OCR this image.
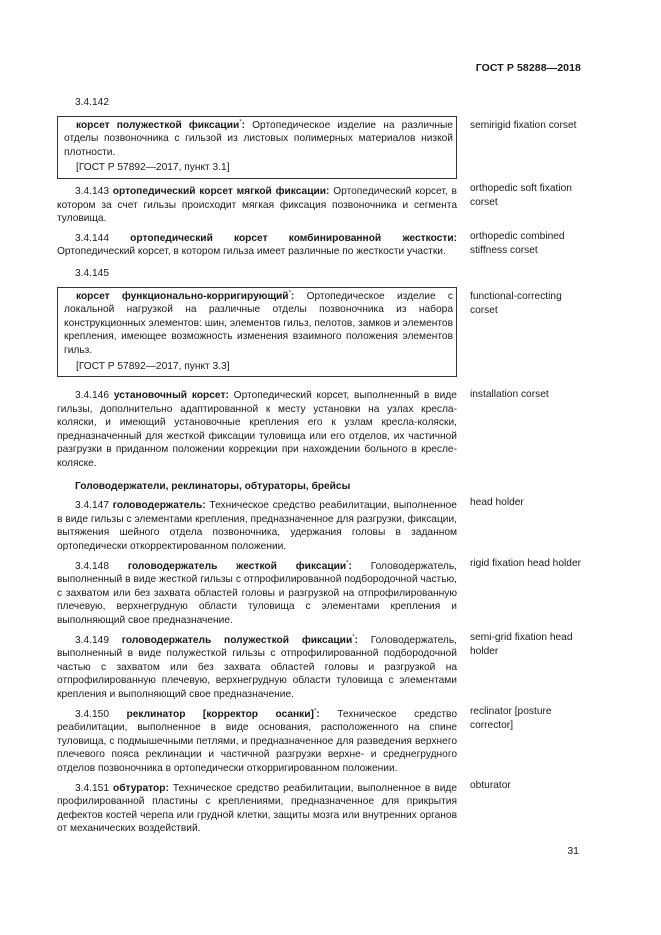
ГОСТ Р 58288—2018
3.4.142

корсет полужесткой фиксации*: Ортопедическое изделие на различные отделы позвоночника с гильзой из листовых полимерных материалов низкой плотности.

[ГОСТ Р 57892—2017, пункт 3.1]

3.4.143 ортопедический корсет мягкой фиксации: Ортопедический корсет, в котором за счет гильзы происходит мягкая фиксация позвоночника и сегмента туловища.

3.4.144 ортопедический корсет комбинированной жесткости: Ортопедический корсет, в котором гильза имеет различные по жесткости участки.

3.4.145

корсет функционально-корригирующий*: Ортопедическое изделие с локальной нагрузкой на различные отделы позвоночника из набора конструкционных элементов: шин, элементов гильз, пелотов, замков и элементов крепления, имеющее возможность изменения взаимного положения элементов гильз.

[ГОСТ Р 57892—2017, пункт 3.3]

3.4.146 установочный корсет: Ортопедический корсет, выполненный в виде гильзы, дополнительно адаптированной к месту установки на узлах кресла-коляски, и имеющий установочные крепления его к узлам кресла-коляски, предназначенный для жесткой фиксации туловища или его отделов, их частичной разгрузки в приданном положении коррекции при нахождении больного в кресле-коляске.

Головодержатели, реклинаторы, обтураторы, брейсы

3.4.147 головодержатель: Техническое средство реабилитации, выполненное в виде гильзы с элементами крепления, предназначенное для разгрузки, фиксации, вытяжения шейного отдела позвоночника, удержания головы в заданном ортопедически откорректированном положении.

3.4.148 головодержатель жесткой фиксации*: Головодержатель, выполненный в виде жесткой гильзы с отпрофилированной подбородочной частью, с захватом или без захвата областей головы и разгрузкой на отпрофилированную плечевую, верхнегрудную области туловища с элементами крепления и выполняющий свое предназначение.

3.4.149 головодержатель полужесткой фиксации*: Головодержатель, выполненный в виде полужесткой гильзы с отпрофилированной подбородочной частью с захватом или без захвата областей головы и разгрузкой на отпрофилированную плечевую, верхнегрудную области туловища с элементами крепления и выполняющий свое предназначение.

3.4.150 реклинатор [корректор осанки]*: Техническое средство реабилитации, выполненное в виде основания, расположенного на спине туловища, с подмышечными петлями, и предназначенное для разведения верхнего плечевого пояса реклинации и частичной разгрузки верхне- и среднегрудного отделов позвоночника в ортопедически откорригированном положении.

3.4.151 обтуратор: Техническое средство реабилитации, выполненное в виде профилированной пластины с креплениями, предназначенное для прикрытия дефектов костей черепа или грудной клетки, защиты мозга или внутренних органов от механических воздействий.

semirigid fixation corset
orthopedic soft fixation corset
orthopedic combined stiffness corset
functional-correcting corset
installation corset
head holder
rigid fixation head holder
semi-grid fixation head holder
reclinator [posture corrector]
obturator
31
